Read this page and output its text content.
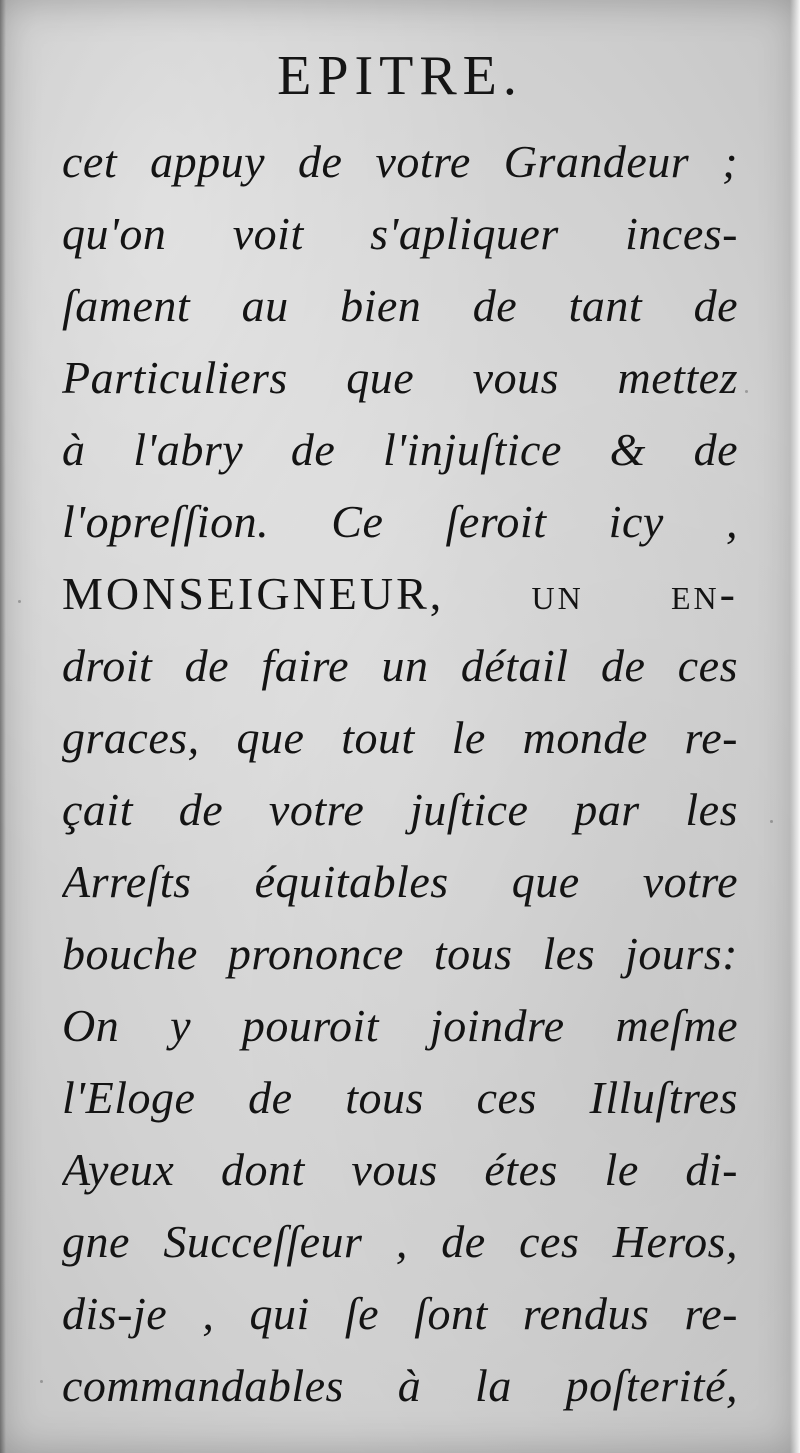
EPITRE.
cet appuy de votre Grandeur ;
qu'on voit s'apliquer inces-
ſament au bien de tant de
Particuliers que vous mettez
à l'abry de l'injuſtice & de
l'opreſſion. Ce ſeroit icy ,
MONSEIGNEUR, un en-
droit de faire un détail de ces
graces, que tout le monde re-
çait de votre juſtice par les
Arreſts équitables que votre
bouche prononce tous les jours:
On y pouroit joindre meſme
l'Eloge de tous ces Illuſtres
Ayeux dont vous étes le di-
gne Succeſſeur , de ces Heros,
dis-je , qui ſe ſont rendus re-
commandables à la poſterité,
